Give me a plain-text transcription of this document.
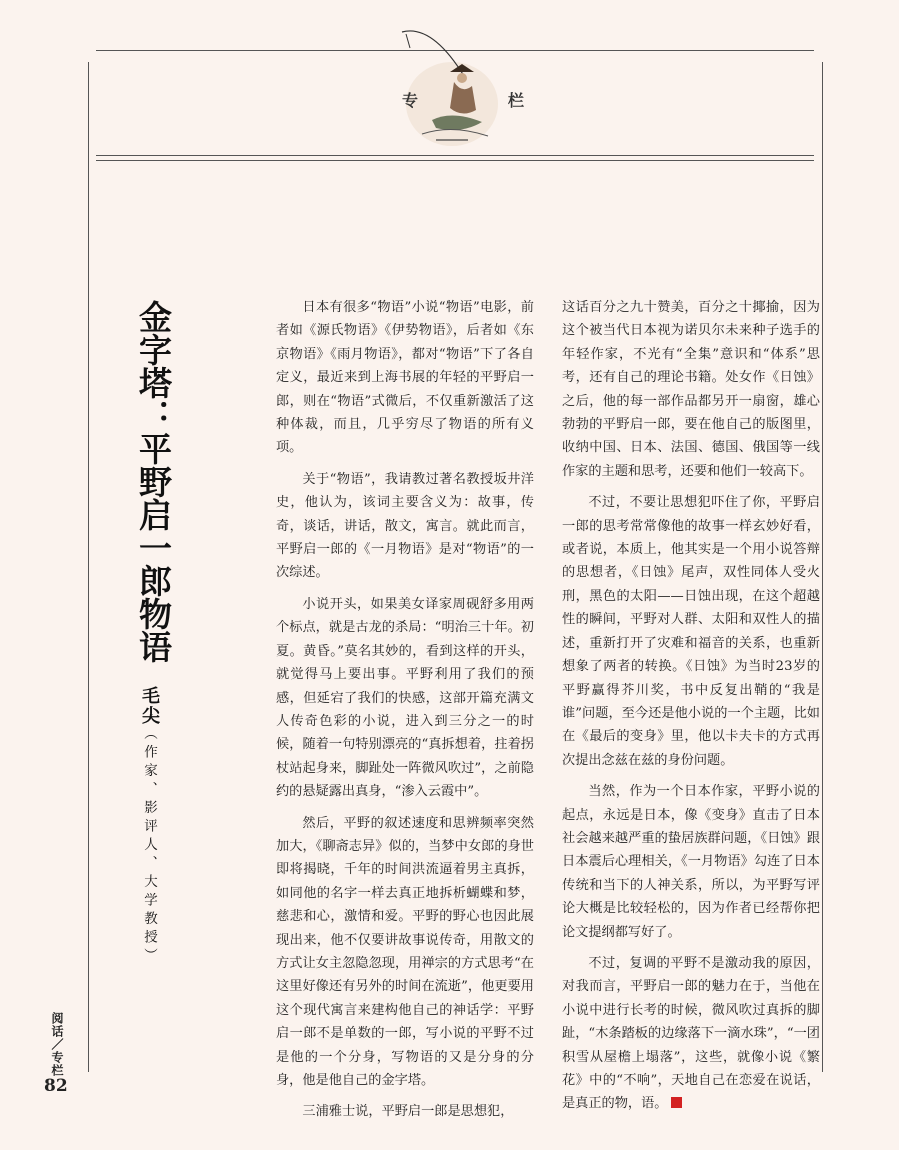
专	栏
金字塔：平野启一郎物语
毛尖（作家、影评人、大学教授）

日本有很多“物语”小说“物语”电影，前者如《源氏物语》《伊势物语》，后者如《东京物语》《雨月物语》，都对“物语”下了各自定义，最近来到上海书展的年轻的平野启一郎，则在“物语”式微后，不仅重新激活了这种体裁，而且，几乎穷尽了物语的所有义项。

关于“物语”，我请教过著名教授坂井洋史，他认为，该词主要含义为：故事，传奇，谈话，讲话，散文，寓言。就此而言，平野启一郎的《一月物语》是对“物语”的一次综述。

小说开头，如果美女译家周砚舒多用两个标点，就是古龙的杀局：“明治三十年。初夏。黄昏。”莫名其妙的，看到这样的开头，就觉得马上要出事。平野利用了我们的预感，但延宕了我们的快感，这部开篇充满文人传奇色彩的小说，进入到三分之一的时候，随着一句特别漂亮的“真拆想着，拄着拐杖站起身来，脚趾处一阵微风吹过”，之前隐约的悬疑露出真身，“渗入云霞中”。

然后，平野的叙述速度和思辨频率突然加大，《聊斋志异》似的，当梦中女郎的身世即将揭晓，千年的时间洪流逼着男主真拆，如同他的名字一样去真正地拆析蝴蝶和梦，慈悲和心，激情和爱。平野的野心也因此展现出来，他不仅要讲故事说传奇，用散文的方式让女主忽隐忽现，用禅宗的方式思考“在这里好像还有另外的时间在流逝”，他更要用这个现代寓言来建构他自己的神话学：平野启一郎不是单数的一郎，写小说的平野不过是他的一个分身，写物语的又是分身的分身，他是他自己的金字塔。

三浦雅士说，平野启一郎是思想犯，

这话百分之九十赞美，百分之十揶揄，因为这个被当代日本视为诺贝尔未来种子选手的年轻作家，不光有“全集”意识和“体系”思考，还有自己的理论书籍。处女作《日蚀》之后，他的每一部作品都另开一扇窗，雄心勃勃的平野启一郎，要在他自己的版图里，收纳中国、日本、法国、德国、俄国等一线作家的主题和思考，还要和他们一较高下。

不过，不要让思想犯吓住了你，平野启一郎的思考常常像他的故事一样玄妙好看，或者说，本质上，他其实是一个用小说答辩的思想者，《日蚀》尾声，双性同体人受火刑，黑色的太阳——日蚀出现，在这个超越性的瞬间，平野对人群、太阳和双性人的描述，重新打开了灾难和福音的关系，也重新想象了两者的转换。《日蚀》为当时23岁的平野赢得芥川奖，书中反复出鞘的“我是谁”问题，至今还是他小说的一个主题，比如在《最后的变身》里，他以卡夫卡的方式再次提出念兹在兹的身份问题。

当然，作为一个日本作家，平野小说的起点，永远是日本，像《变身》直击了日本社会越来越严重的蛰居族群问题，《日蚀》跟日本震后心理相关，《一月物语》勾连了日本传统和当下的人神关系，所以，为平野写评论大概是比较轻松的，因为作者已经帮你把论文提纲都写好了。

不过，复调的平野不是激动我的原因，对我而言，平野启一郎的魅力在于，当他在小说中进行长考的时候，微风吹过真拆的脚趾，“木条踏板的边缘落下一滴水珠”，“一团积雪从屋檐上塌落”，这些，就像小说《繁花》中的“不响”，天地自己在恋爱在说话，是真正的物，语。

阅话／专栏
82
